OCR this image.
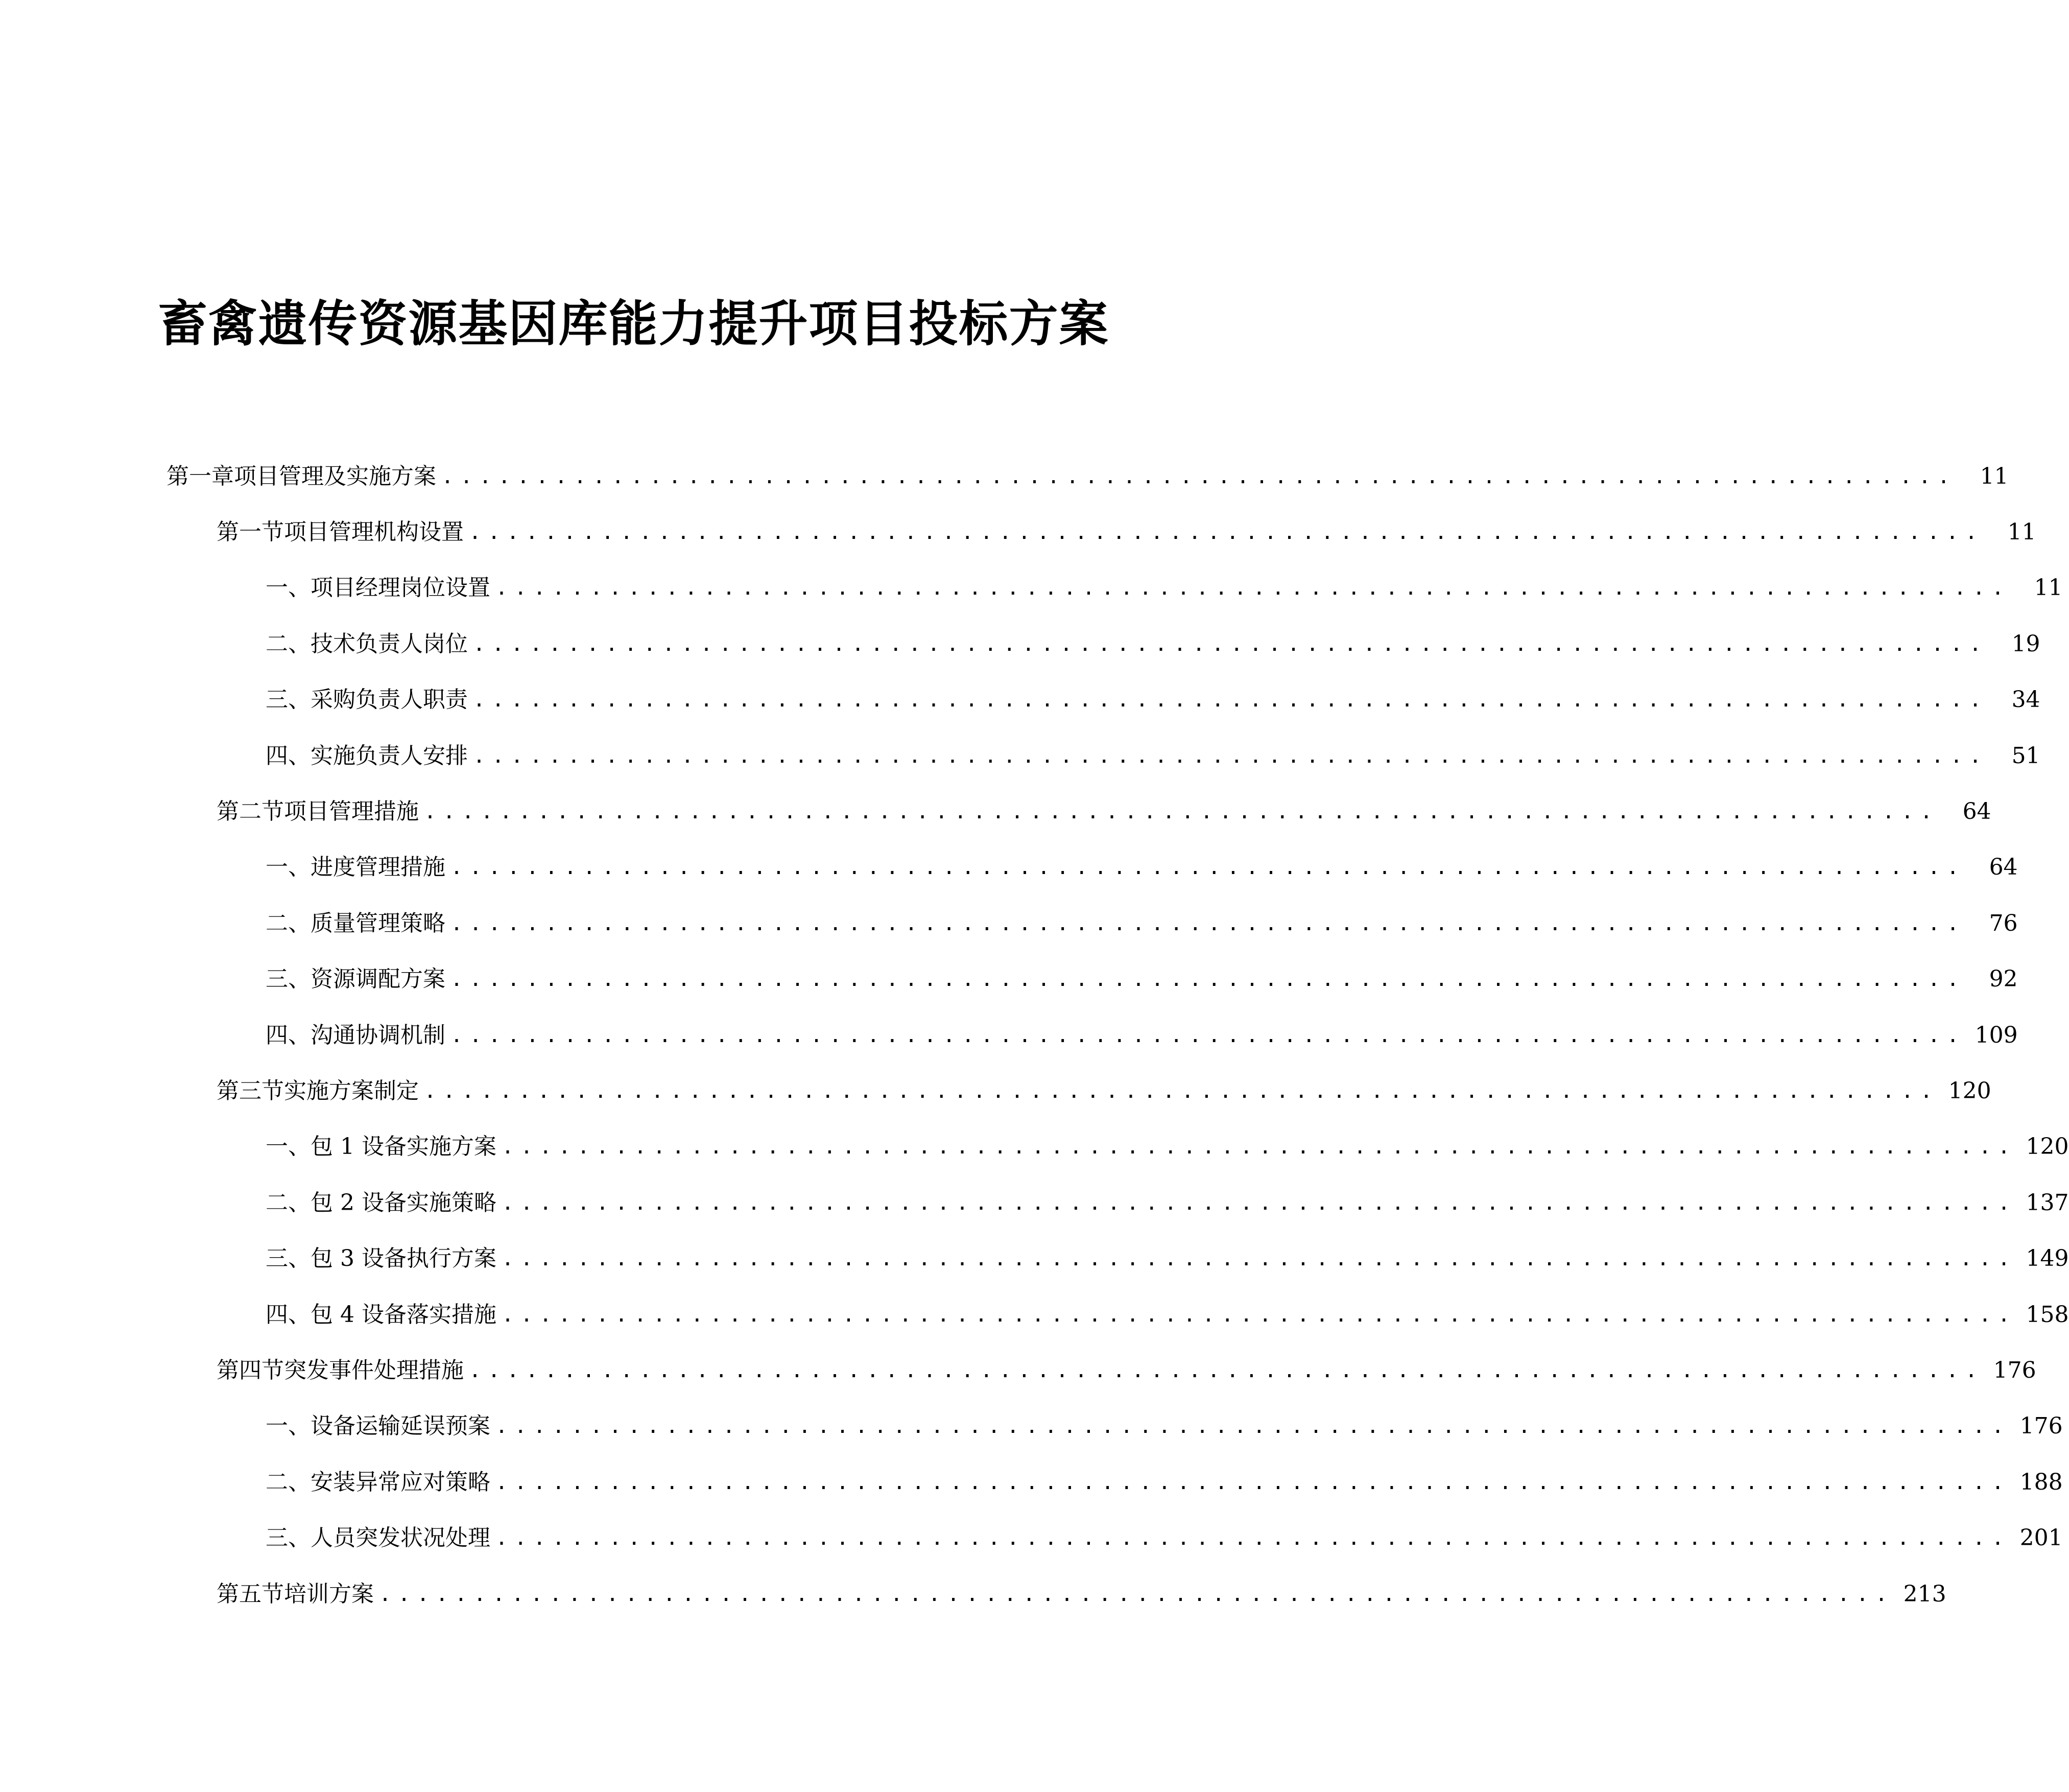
畜禽遗传资源基因库能力提升项目投标方案
第一章 项目管理及实施方案 ................................................................................	11
第一节 项目管理机构设置 ................................................................................	11
一、 项目经理岗位设置 ................................................................................	11
二、 技术负责人岗位 ................................................................................	19
三、 采购负责人职责 ................................................................................	34
四、 实施负责人安排 ................................................................................	51
第二节 项目管理措施 ................................................................................	64
一、 进度管理措施 ................................................................................	64
二、 质量管理策略 ................................................................................	76
三、 资源调配方案 ................................................................................	92
四、 沟通协调机制 ................................................................................ 109
第三节 实施方案制定 ................................................................................ 120
一、 包 1 设备实施方案 ................................................................................ 120
二、 包 2 设备实施策略 ................................................................................ 137
三、 包 3 设备执行方案 ................................................................................ 149
四、 包 4 设备落实措施 ................................................................................ 158
第四节 突发事件处理措施 ................................................................................ 176
一、 设备运输延误预案 ................................................................................ 176
二、 安装异常应对策略 ................................................................................ 188
三、 人员突发状况处理 ................................................................................ 201
第五节 培训方案 ................................................................................ 213
